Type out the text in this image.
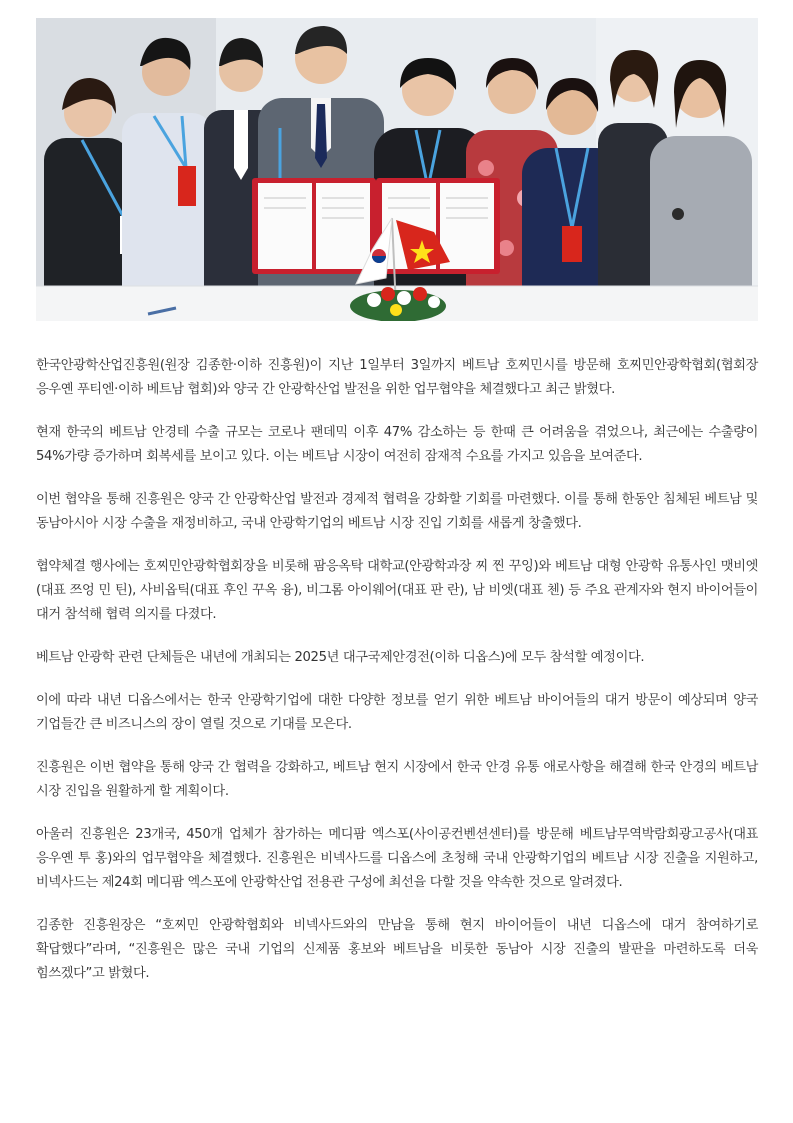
한국안광학산업진흥원(원장 김종한·이하 진흥원)이 지난 1일부터 3일까지 베트남 호찌민시를 방문해 호찌민안광학협회(협회장 응우옌 푸티엔·이하 베트남 협회)와 양국 간 안광학산업 발전을 위한 업무협약을 체결했다고 최근 밝혔다.

현재 한국의 베트남 안경테 수출 규모는 코로나 팬데믹 이후 47% 감소하는 등 한때 큰 어려움을 겪었으나, 최근에는 수출량이 54%가량 증가하며 회복세를 보이고 있다. 이는 베트남 시장이 여전히 잠재적 수요를 가지고 있음을 보여준다.

이번 협약을 통해 진흥원은 양국 간 안광학산업 발전과 경제적 협력을 강화할 기회를 마련했다. 이를 통해 한동안 침체된 베트남 및 동남아시아 시장 수출을 재정비하고, 국내 안광학기업의 베트남 시장 진입 기회를 새롭게 창출했다.

협약체결 행사에는 호찌민안광학협회장을 비롯해 팜응옥탁 대학교(안광학과장 찌 찐 꾸잉)와 베트남 대형 안광학 유통사인 맷비엣(대표 쯔엉 민 틴), 사비옵틱(대표 후인 꾸옥 융), 비그롬 아이웨어(대표 판 란), 남 비엣(대표 첸) 등 주요 관계자와 현지 바이어들이 대거 참석해 협력 의지를 다졌다.

베트남 안광학 관련 단체들은 내년에 개최되는 2025년 대구국제안경전(이하 디옵스)에 모두 참석할 예정이다.

이에 따라 내년 디옵스에서는 한국 안광학기업에 대한 다양한 정보를 얻기 위한 베트남 바이어들의 대거 방문이 예상되며 양국 기업들간 큰 비즈니스의 장이 열릴 것으로 기대를 모은다.

진흥원은 이번 협약을 통해 양국 간 협력을 강화하고, 베트남 현지 시장에서 한국 안경 유통 애로사항을 해결해 한국 안경의 베트남 시장 진입을 원활하게 할 계획이다.

아울러 진흥원은 23개국, 450개 업체가 참가하는 메디팜 엑스포(사이공컨벤션센터)를 방문해 베트남무역박람회광고공사(대표 응우옌 투 홍)와의 업무협약을 체결했다. 진흥원은 비넥사드를 디옵스에 초청해 국내 안광학기업의 베트남 시장 진출을 지원하고, 비넥사드는 제24회 메디팜 엑스포에 안광학산업 전용관 구성에 최선을 다할 것을 약속한 것으로 알려졌다.

김종한 진흥원장은 “호찌민 안광학협회와 비넥사드와의 만남을 통해 현지 바이어들이 내년 디옵스에 대거 참여하기로 확답했다”라며, “진흥원은 많은 국내 기업의 신제품 홍보와 베트남을 비롯한 동남아 시장 진출의 발판을 마련하도록 더욱 힘쓰겠다”고 밝혔다.
